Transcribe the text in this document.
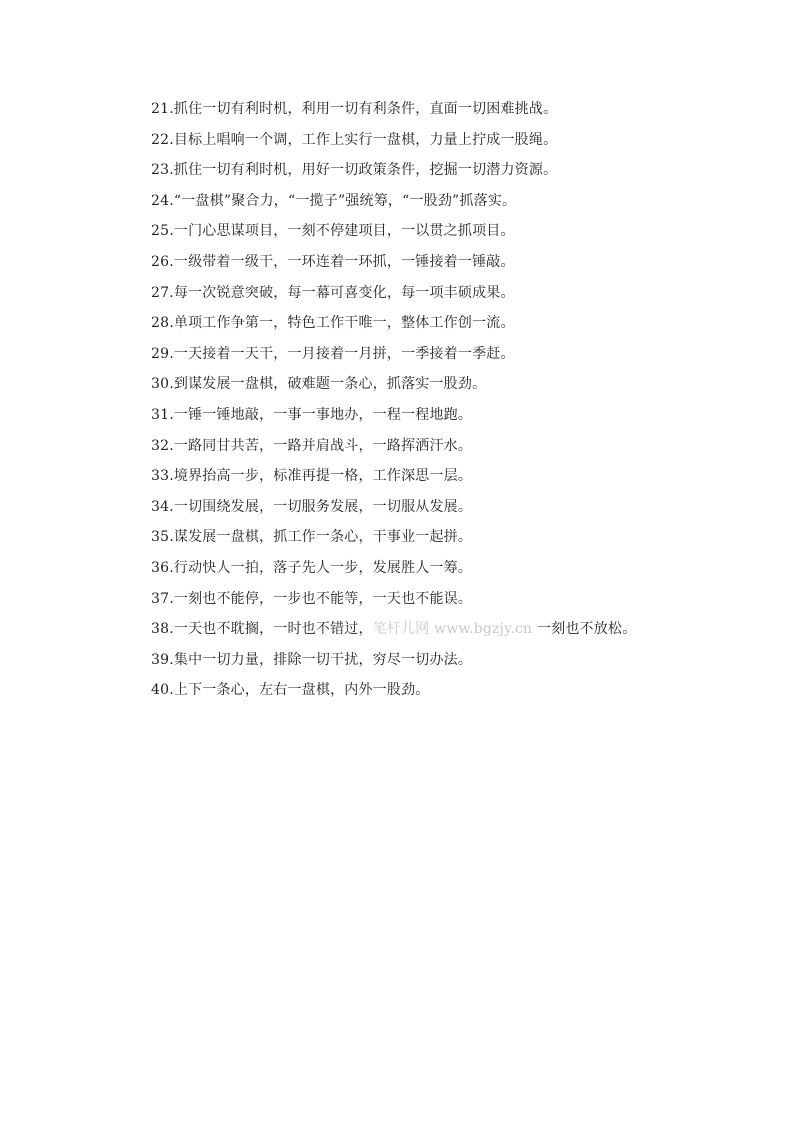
21.抓住一切有利时机，利用一切有利条件，直面一切困难挑战。
22.目标上唱响一个调，工作上实行一盘棋，力量上拧成一股绳。
23.抓住一切有利时机，用好一切政策条件，挖掘一切潜力资源。
24.“一盘棋”聚合力，“一揽子”强统筹，“一股劲”抓落实。
25.一门心思谋项目，一刻不停建项目，一以贯之抓项目。
26.一级带着一级干，一环连着一环抓，一锤接着一锤敲。
27.每一次锐意突破，每一幕可喜变化，每一项丰硕成果。
28.单项工作争第一，特色工作干唯一，整体工作创一流。
29.一天接着一天干，一月接着一月拼，一季接着一季赶。
30.到谋发展一盘棋，破难题一条心，抓落实一股劲。
31.一锤一锤地敲，一事一事地办，一程一程地跑。
32.一路同甘共苦，一路并肩战斗，一路挥洒汗水。
33.境界抬高一步，标准再提一格，工作深思一层。
34.一切围绕发展，一切服务发展，一切服从发展。
35.谋发展一盘棋，抓工作一条心，干事业一起拼。
36.行动快人一拍，落子先人一步，发展胜人一筹。
37.一刻也不能停，一步也不能等，一天也不能误。
38.一天也不耽搁，一时也不错过，笔杆儿网 www.bgzjy.cn 一刻也不放松。
39.集中一切力量，排除一切干扰，穷尽一切办法。
40.上下一条心，左右一盘棋，内外一股劲。
